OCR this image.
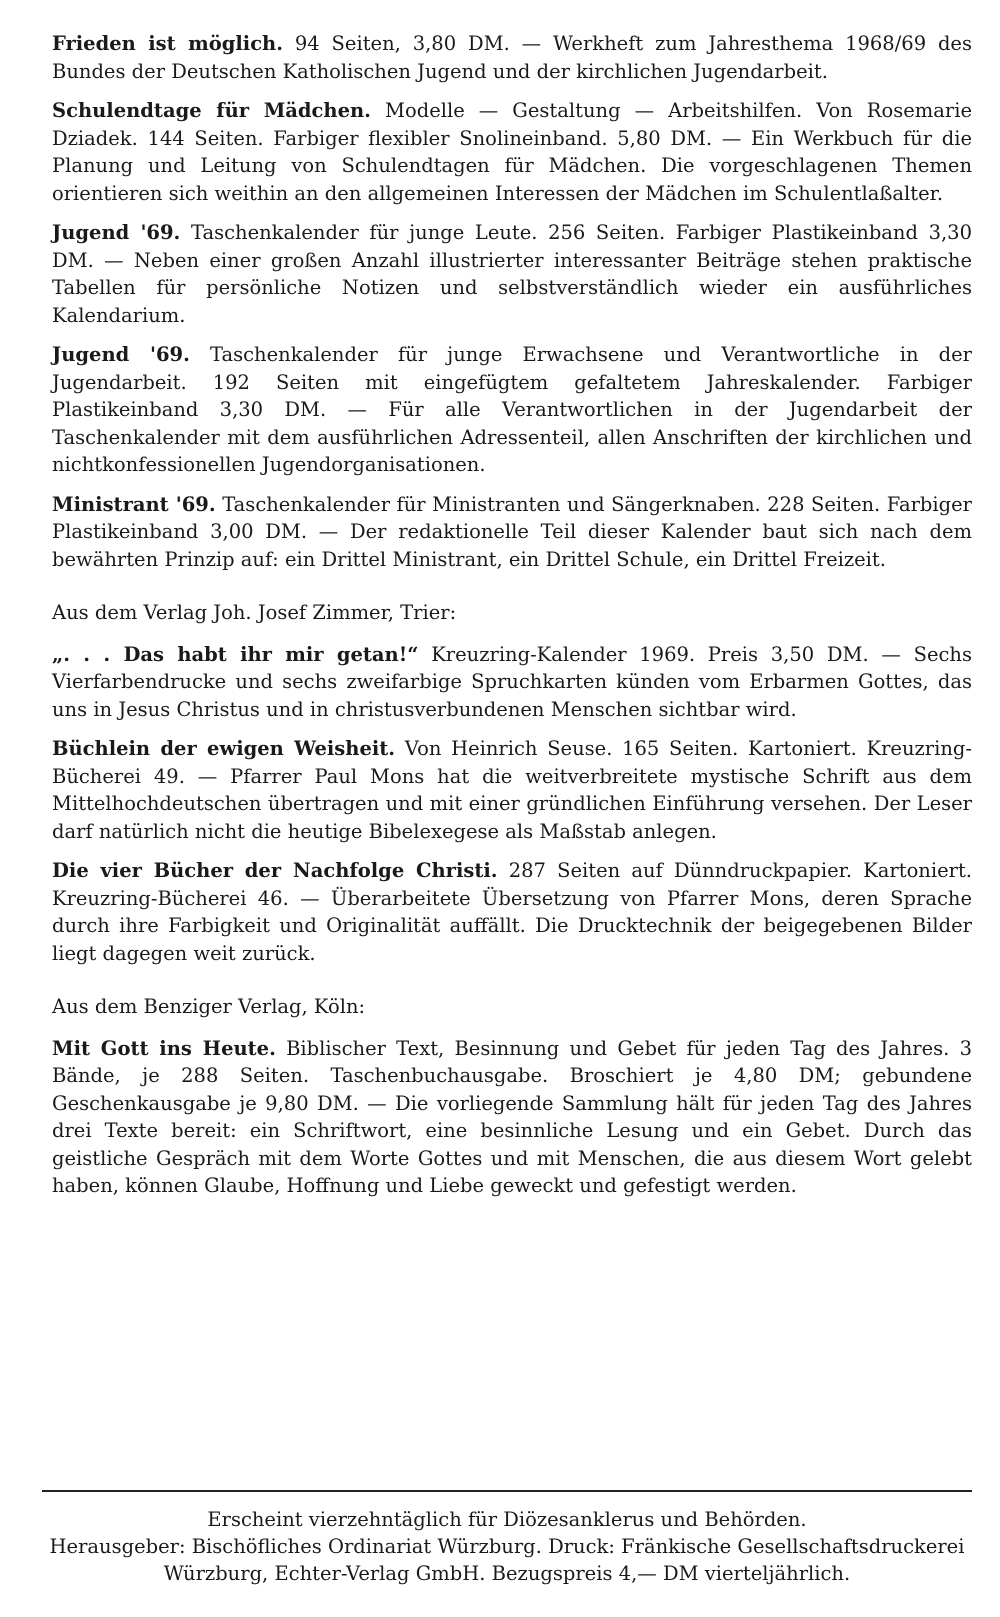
Frieden ist möglich. 94 Seiten, 3,80 DM. — Werkheft zum Jahresthema 1968/69 des Bundes der Deutschen Katholischen Jugend und der kirchlichen Jugendarbeit.
Schulendtage für Mädchen. Modelle — Gestaltung — Arbeitshilfen. Von Rosemarie Dziadek. 144 Seiten. Farbiger flexibler Snolineinband. 5,80 DM. — Ein Werkbuch für die Planung und Leitung von Schulendtagen für Mädchen. Die vorgeschlagenen Themen orientieren sich weithin an den allgemeinen Interessen der Mädchen im Schulentlaßalter.
Jugend '69. Taschenkalender für junge Leute. 256 Seiten. Farbiger Plastikeinband 3,30 DM. — Neben einer großen Anzahl illustrierter interessanter Beiträge stehen praktische Tabellen für persönliche Notizen und selbstverständlich wieder ein ausführliches Kalendarium.
Jugend '69. Taschenkalender für junge Erwachsene und Verantwortliche in der Jugendarbeit. 192 Seiten mit eingefügtem gefaltetem Jahreskalender. Farbiger Plastikeinband 3,30 DM. — Für alle Verantwortlichen in der Jugendarbeit der Taschenkalender mit dem ausführlichen Adressenteil, allen Anschriften der kirchlichen und nichtkonfessionellen Jugendorganisationen.
Ministrant '69. Taschenkalender für Ministranten und Sängerknaben. 228 Seiten. Farbiger Plastikeinband 3,00 DM. — Der redaktionelle Teil dieser Kalender baut sich nach dem bewährten Prinzip auf: ein Drittel Ministrant, ein Drittel Schule, ein Drittel Freizeit.
Aus dem Verlag Joh. Josef Zimmer, Trier:
„. . . Das habt ihr mir getan!“ Kreuzring-Kalender 1969. Preis 3,50 DM. — Sechs Vierfarbendrucke und sechs zweifarbige Spruchkarten künden vom Erbarmen Gottes, das uns in Jesus Christus und in christusverbundenen Menschen sichtbar wird.
Büchlein der ewigen Weisheit. Von Heinrich Seuse. 165 Seiten. Kartoniert. Kreuzring-Bücherei 49. — Pfarrer Paul Mons hat die weitverbreitete mystische Schrift aus dem Mittelhochdeutschen übertragen und mit einer gründlichen Einführung versehen. Der Leser darf natürlich nicht die heutige Bibelexegese als Maßstab anlegen.
Die vier Bücher der Nachfolge Christi. 287 Seiten auf Dünndruckpapier. Kartoniert. Kreuzring-Bücherei 46. — Überarbeitete Übersetzung von Pfarrer Mons, deren Sprache durch ihre Farbigkeit und Originalität auffällt. Die Drucktechnik der beigegebenen Bilder liegt dagegen weit zurück.
Aus dem Benziger Verlag, Köln:
Mit Gott ins Heute. Biblischer Text, Besinnung und Gebet für jeden Tag des Jahres. 3 Bände, je 288 Seiten. Taschenbuchausgabe. Broschiert je 4,80 DM; gebundene Geschenkausgabe je 9,80 DM. — Die vorliegende Sammlung hält für jeden Tag des Jahres drei Texte bereit: ein Schriftwort, eine besinnliche Lesung und ein Gebet. Durch das geistliche Gespräch mit dem Worte Gottes und mit Menschen, die aus diesem Wort gelebt haben, können Glaube, Hoffnung und Liebe geweckt und gefestigt werden.

Erscheint vierzehntäglich für Diözesanklerus und Behörden.

Herausgeber: Bischöfliches Ordinariat Würzburg. Druck: Fränkische Gesellschaftsdruckerei Würzburg, Echter-Verlag GmbH. Bezugspreis 4,— DM vierteljährlich.
